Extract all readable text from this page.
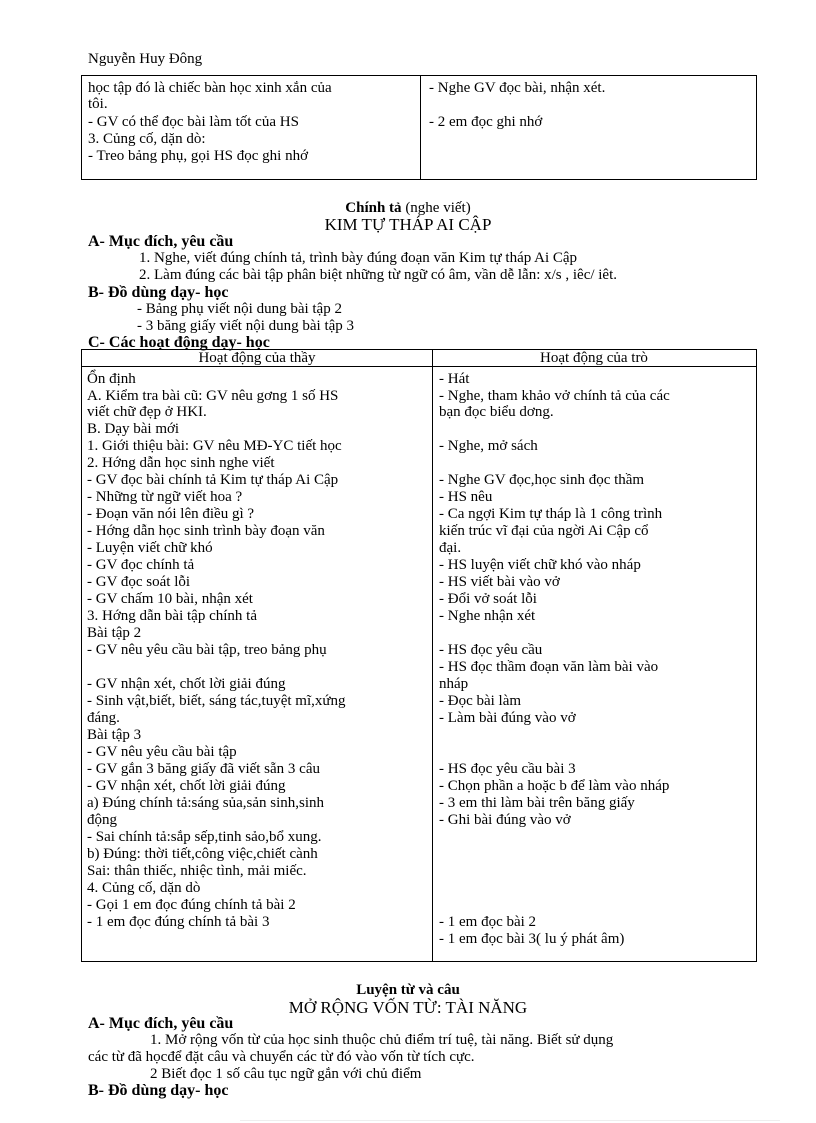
Nguyễn Huy Đông
học tập đó là chiếc bàn học xinh xắn của
tôi.
- GV có thể đọc bài làm tốt của HS
3. Củng cố, dặn dò:
- Treo bảng phụ, gọi HS đọc ghi nhớ
- Nghe GV đọc bài, nhận xét.
- 2 em đọc ghi nhớ
Chính tả (nghe viết)
KIM TỰ THÁP AI CẬP
A- Mục đích, yêu cầu
1. Nghe, viết đúng chính tả, trình bày đúng đoạn văn Kim tự tháp Ai Cập
2. Làm đúng các bài tập phân biệt những từ ngữ có âm, vần dễ lẫn: x/s , iêc/ iêt.
B- Đồ dùng dạy- học
- Bảng phụ viết nội dung bài tập 2
- 3 băng giấy viết nội dung bài tập 3
C- Các hoạt động dạy- học
Hoạt động của thầy	Hoạt động của trò
Ổn định
A. Kiểm tra bài cũ: GV nêu gơng 1 số HS
viết chữ đẹp ở HKI.
B. Dạy bài mới
1. Giới thiệu bài: GV nêu MĐ-YC tiết học
2. Hớng dẫn học sinh nghe viết
- GV đọc bài chính tả Kim tự tháp Ai Cập
- Những từ ngữ viết hoa ?
- Đoạn văn nói lên điều gì ?
- Hớng dẫn học sinh trình bày đoạn văn
- Luyện viết chữ khó
- GV đọc chính tả
- GV đọc soát lỗi
- GV chấm 10 bài, nhận xét
3. Hớng dẫn bài tập chính tả
Bài tập 2
- GV nêu yêu cầu bài tập, treo bảng phụ
- GV nhận xét, chốt lời giải đúng
- Sinh vật,biết, biết, sáng tác,tuyệt mĩ,xứng
đáng.
Bài tập 3
- GV nêu yêu cầu bài tập
- GV gắn 3 băng giấy đã viết sẵn 3 câu
- GV nhận xét, chốt lời giải đúng
a) Đúng chính tả:sáng sủa,sản sinh,sinh
động
- Sai chính tả:sắp sếp,tinh sảo,bổ xung.
b) Đúng: thời tiết,công việc,chiết cành
Sai: thân thiếc, nhiệc tình, mải miếc.
4. Củng cố, dặn dò
- Gọi 1 em đọc đúng chính tả bài 2
- 1 em đọc đúng chính tả bài 3
- Hát
- Nghe, tham khảo vở chính tả của các
bạn đọc biểu dơng.
- Nghe, mở sách
- Nghe GV đọc,học sinh đọc thầm
- HS nêu
- Ca ngợi Kim tự tháp là 1 công trình
kiến trúc vĩ đại của ngời Ai Cập cổ
đại.
- HS luyện viết chữ khó vào nháp
- HS viết bài vào vở
- Đổi vở soát lỗi
- Nghe nhận xét
- HS đọc yêu cầu
- HS đọc thầm đoạn văn làm bài vào
nháp
- Đọc bài làm
- Làm bài đúng vào vở
- HS đọc yêu cầu bài 3
- Chọn phần a hoặc b để làm vào nháp
- 3 em thi làm bài trên băng giấy
- Ghi bài đúng vào vở
- 1 em đọc bài 2
- 1 em đọc bài 3( lu ý phát âm)
Luyện từ và câu
MỞ RỘNG VỐN TỪ: TÀI NĂNG
A- Mục đích, yêu cầu
1. Mở rộng vốn từ của học sinh thuộc chủ điểm trí tuệ, tài năng. Biết sử dụng
các từ đã họcđể đặt câu và chuyển các từ đó vào vốn từ tích cực.
2 Biết đọc 1 số câu tục ngữ gắn với chủ điểm
B- Đồ dùng dạy- học
